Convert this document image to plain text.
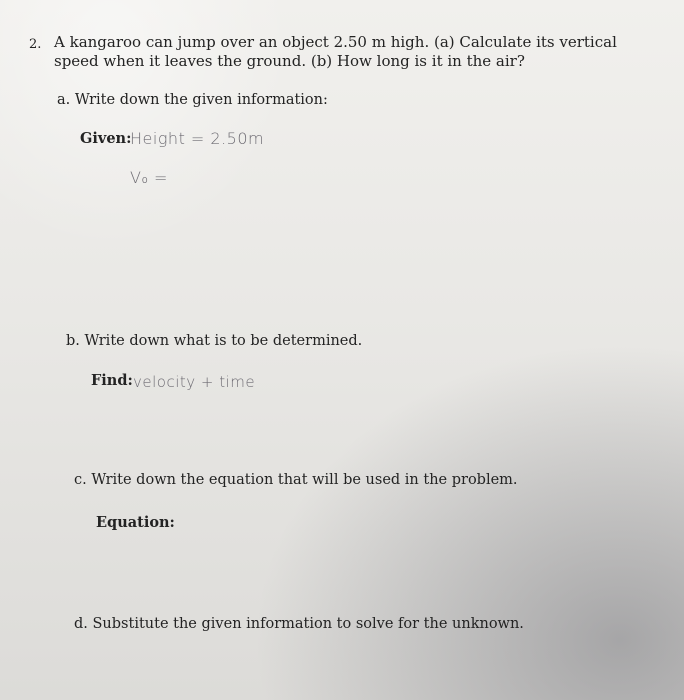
2. A kangaroo can jump over an object 2.50 m high. (a) Calculate its vertical speed when it leaves the ground. (b) How long is it in the air?
a. Write down the given information:
Given:
Height = 2.50m
V₀ =
b. Write down what is to be determined.
Find: velocity + time
c. Write down the equation that will be used in the problem.
Equation:
d. Substitute the given information to solve for the unknown.
